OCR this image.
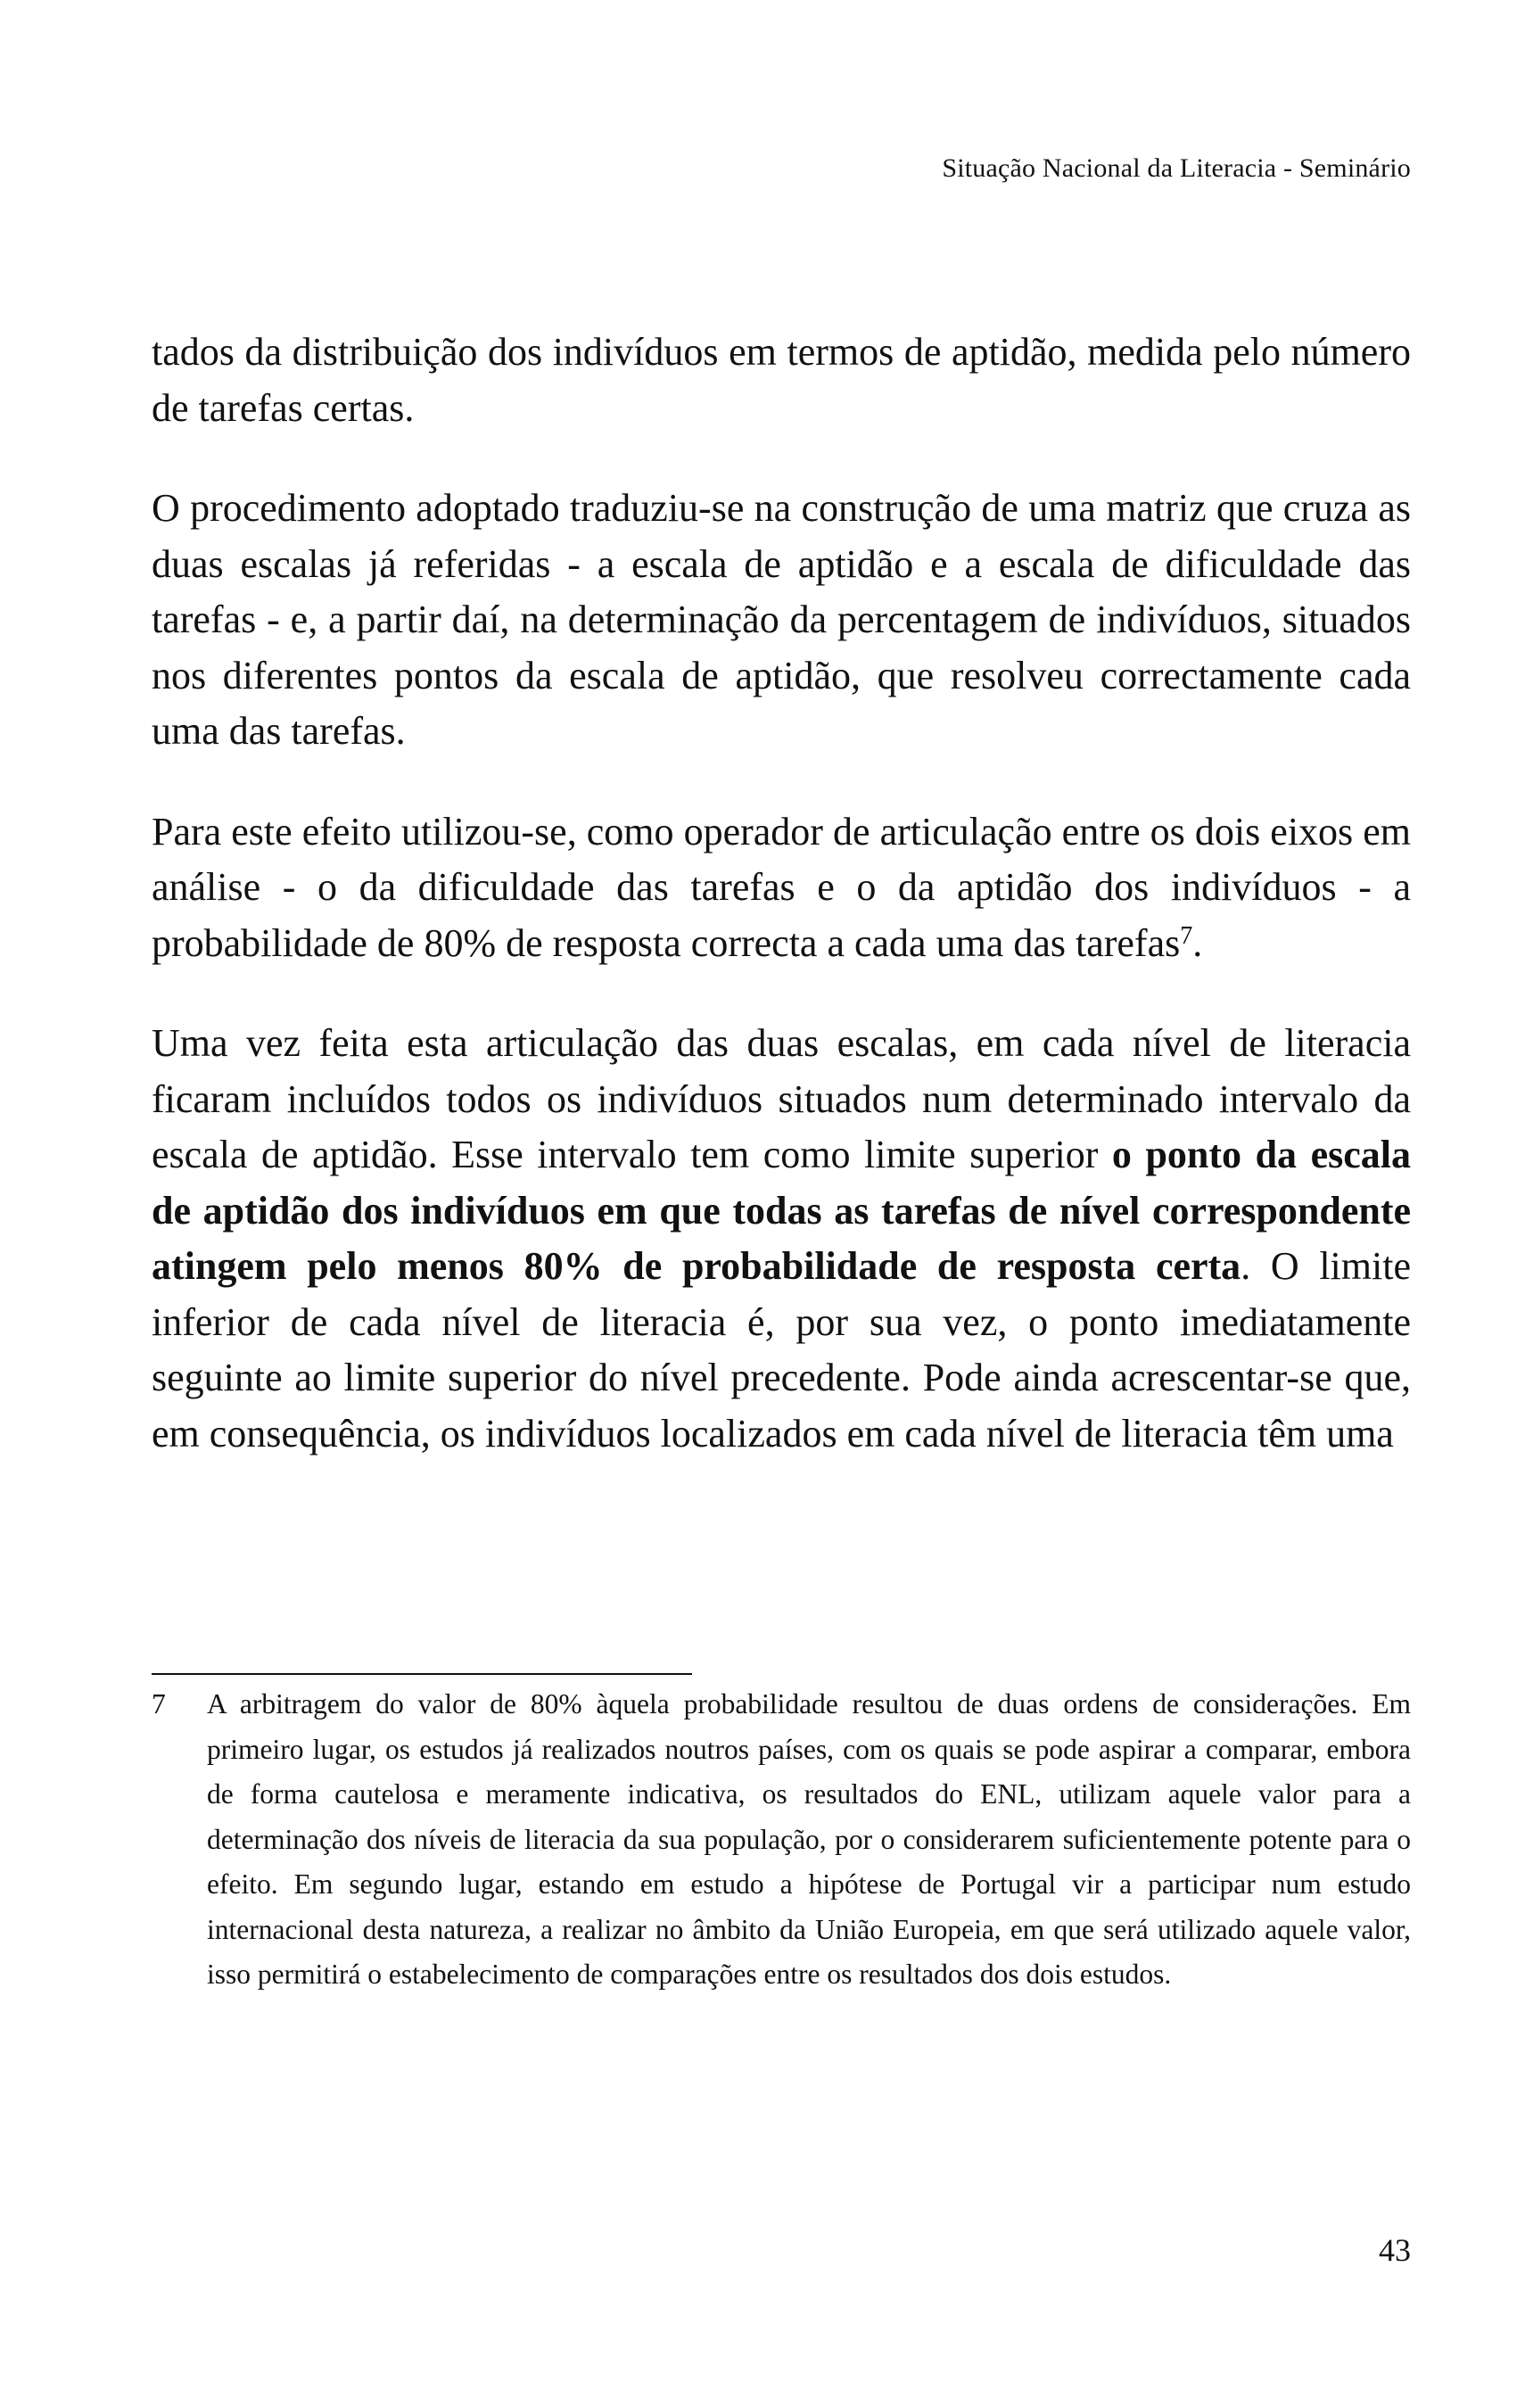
Situação Nacional da Literacia - Seminário

tados da distribuição dos indivíduos em termos de aptidão, medida pelo número de tarefas certas.

O procedimento adoptado traduziu-se na construção de uma matriz que cruza as duas escalas já referidas - a escala de aptidão e a escala de dificuldade das tarefas - e, a partir daí, na determinação da percentagem de indivíduos, situados nos diferentes pontos da escala de aptidão, que resolveu correctamente cada uma das tarefas.

Para este efeito utilizou-se, como operador de articulação entre os dois eixos em análise - o da dificuldade das tarefas e o da aptidão dos indivíduos - a probabilidade de 80% de resposta correcta a cada uma das tarefas$^7$.

Uma vez feita esta articulação das duas escalas, em cada nível de literacia ficaram incluídos todos os indivíduos situados num determinado intervalo da escala de aptidão. Esse intervalo tem como limite superior o ponto da escala de aptidão dos indivíduos em que todas as tarefas de nível correspondente atingem pelo menos 80% de probabilidade de resposta certa. O limite inferior de cada nível de literacia é, por sua vez, o ponto imediatamente seguinte ao limite superior do nível precedente. Pode ainda acrescentar-se que, em consequência, os indivíduos localizados em cada nível de literacia têm uma

7 A arbitragem do valor de 80% àquela probabilidade resultou de duas ordens de considerações. Em primeiro lugar, os estudos já realizados noutros países, com os quais se pode aspirar a comparar, embora de forma cautelosa e meramente indicativa, os resultados do ENL, utilizam aquele valor para a determinação dos níveis de literacia da sua população, por o considerarem suficientemente potente para o efeito. Em segundo lugar, estando em estudo a hipótese de Portugal vir a participar num estudo internacional desta natureza, a realizar no âmbito da União Europeia, em que será utilizado aquele valor, isso permitirá o estabelecimento de comparações entre os resultados dos dois estudos.
43
